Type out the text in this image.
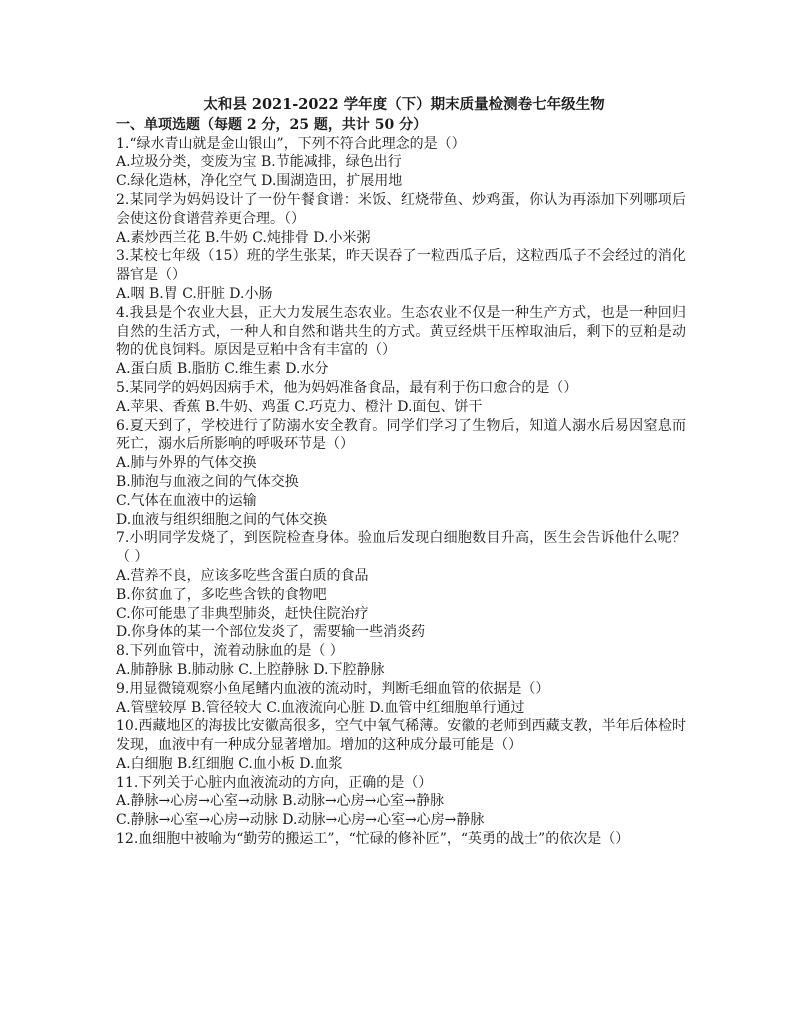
太和县 2021-2022 学年度（下）期末质量检测卷七年级生物

一、单项选题（每题 2 分，25 题，共计 50 分）

1.“绿水青山就是金山银山”，下列不符合此理念的是（）

A.垃圾分类，变废为宝 B.节能减排，绿色出行

C.绿化造林，净化空气 D.围湖造田，扩展用地

2.某同学为妈妈设计了一份午餐食谱：米饭、红烧带鱼、炒鸡蛋，你认为再添加下列哪项后会使这份食谱营养更合理。（）

A.素炒西兰花 B.牛奶 C.炖排骨 D.小米粥

3.某校七年级（15）班的学生张某，昨天误吞了一粒西瓜子后，这粒西瓜子不会经过的消化器官是（）

A.咽 B.胃 C.肝脏 D.小肠

4.我县是个农业大县，正大力发展生态农业。生态农业不仅是一种生产方式，也是一种回归自然的生活方式，一种人和自然和谐共生的方式。黄豆经烘干压榨取油后，剩下的豆粕是动物的优良饲料。原因是豆粕中含有丰富的（）

A.蛋白质 B.脂肪 C.维生素 D.水分

5.某同学的妈妈因病手术，他为妈妈准备食品，最有利于伤口愈合的是（）

A.苹果、香蕉 B.牛奶、鸡蛋 C.巧克力、橙汁 D.面包、饼干

6.夏天到了，学校进行了防溺水安全教育。同学们学习了生物后，知道人溺水后易因窒息而死亡，溺水后所影响的呼吸环节是（）

A.肺与外界的气体交换

B.肺泡与血液之间的气体交换

C.气体在血液中的运输

D.血液与组织细胞之间的气体交换

7.小明同学发烧了，到医院检查身体。验血后发现白细胞数目升高，医生会告诉他什么呢？（ ）

A.营养不良，应该多吃些含蛋白质的食品

B.你贫血了，多吃些含铁的食物吧

C.你可能患了非典型肺炎，赶快住院治疗

D.你身体的某一个部位发炎了，需要输一些消炎药

8.下列血管中，流着动脉血的是（ ）

A.肺静脉 B.肺动脉 C.上腔静脉 D.下腔静脉

9.用显微镜观察小鱼尾鳍内血液的流动时，判断毛细血管的依据是（）

A.管壁较厚 B.管径较大 C.血液流向心脏 D.血管中红细胞单行通过

10.西藏地区的海拔比安徽高很多，空气中氧气稀薄。安徽的老师到西藏支教，半年后体检时发现，血液中有一种成分显著增加。增加的这种成分最可能是（）

A.白细胞 B.红细胞 C.血小板 D.血浆

11.下列关于心脏内血液流动的方向，正确的是（）

A.静脉→心房→心室→动脉 B.动脉→心房→心室→静脉

C.静脉→心室→心房→动脉 D.动脉→心房→心室→心房→静脉

12.血细胞中被喻为“勤劳的搬运工”，“忙碌的修补匠”，“英勇的战士”的依次是（）
